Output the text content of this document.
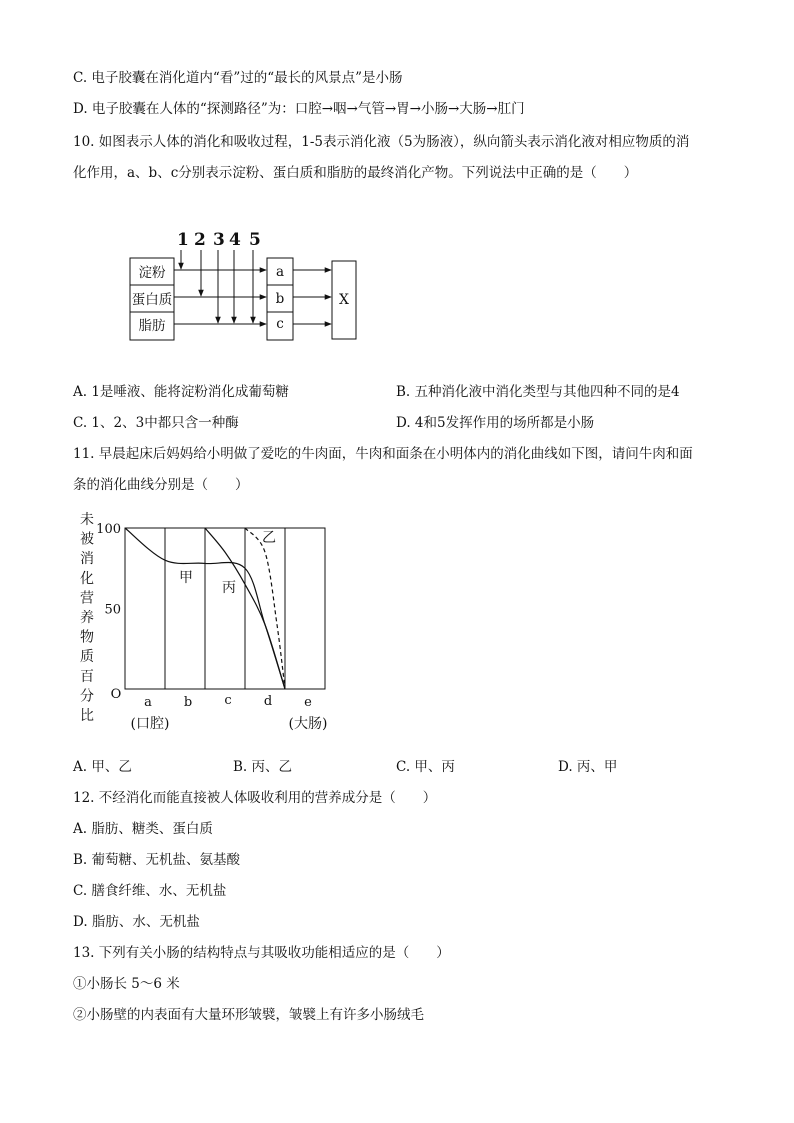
C. 电子胶囊在消化道内“看”过的“最长的风景点”是小肠
D. 电子胶囊在人体的“探测路径”为：口腔→咽→气管→胃→小肠→大肠→肛门
10. 如图表示人体的消化和吸收过程，1-5表示消化液（5为肠液），纵向箭头表示消化液对相应物质的消
化作用，a、b、c分别表示淀粉、蛋白质和脂肪的最终消化产物。下列说法中正确的是（　　）
1 2 3 4 5
淀粉
蛋白质
脂肪
a
b
c
X
A. 1是唾液、能将淀粉消化成葡萄糖	B. 五种消化液中消化类型与其他四种不同的是4
C. 1、2、3中都只含一种酶	D. 4和5发挥作用的场所都是小肠
11. 早晨起床后妈妈给小明做了爱吃的牛肉面，牛肉和面条在小明体内的消化曲线如下图，请问牛肉和面
条的消化曲线分别是（　　）
未
被
消
化
营
养
物
质
百
分
比
100
50
O
a b c d e
(口腔)	(大肠)
甲
丙
乙
A. 甲、乙	B. 丙、乙	C. 甲、丙	D. 丙、甲
12. 不经消化而能直接被人体吸收利用的营养成分是（　　）
A. 脂肪、糖类、蛋白质
B. 葡萄糖、无机盐、氨基酸
C. 膳食纤维、水、无机盐
D. 脂肪、水、无机盐
13. 下列有关小肠的结构特点与其吸收功能相适应的是（　　）
①小肠长 5～6 米
②小肠壁的内表面有大量环形皱襞，皱襞上有许多小肠绒毛
